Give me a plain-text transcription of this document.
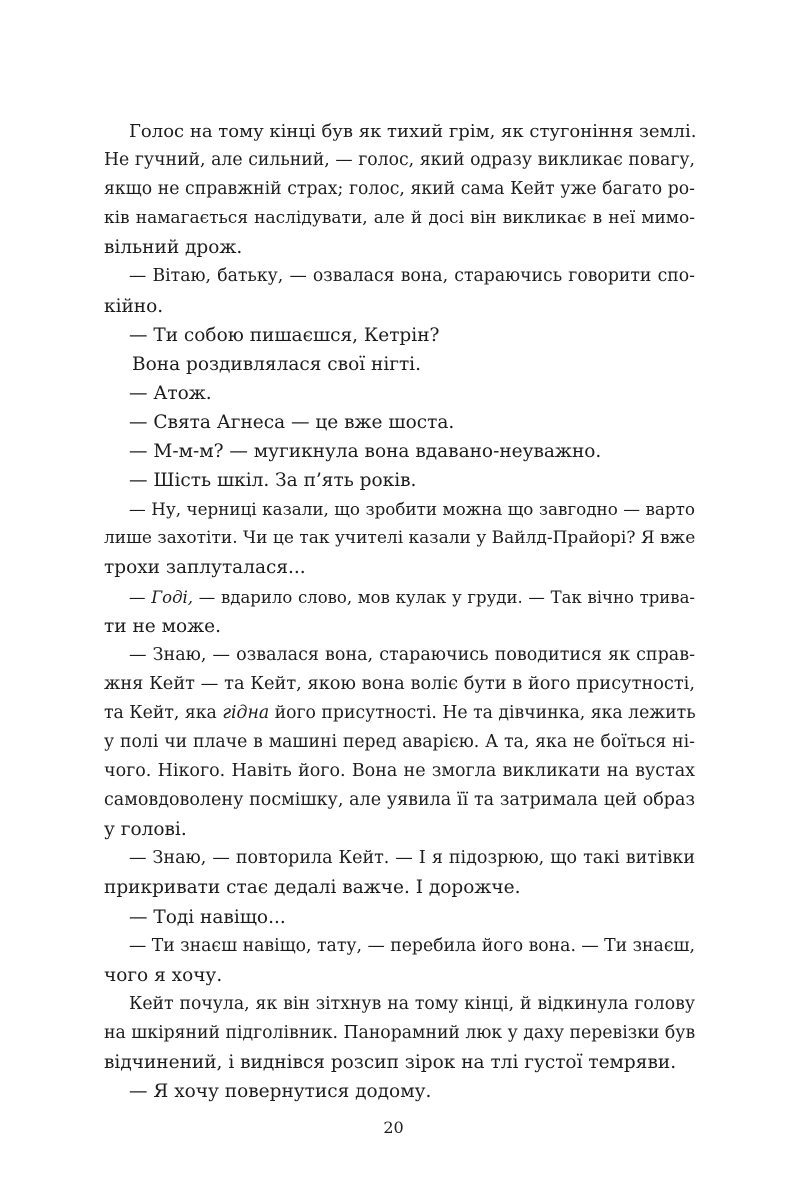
Голос на тому кінці був як тихий грім, як стугоніння землі.
Не гучний, але сильний, — голос, який одразу викликає повагу,
якщо не справжній страх; голос, який сама Кейт уже багато ро-
ків намагається наслідувати, але й досі він викликає в неї мимо-
вільний дрож.
— Вітаю, батьку, — озвалася вона, стараючись говорити спо-
кійно.
— Ти собою пишаєшся, Кетрін?
Вона роздивлялася свої нігті.
— Атож.
— Свята Агнеса — це вже шоста.
— М-м-м? — мугикнула вона вдавано-неуважно.
— Шість шкіл. За п’ять років.
— Ну, черниці казали, що зробити можна що завгодно — варто
лише захотіти. Чи це так учителі казали у Вайлд-Прайорі? Я вже
трохи заплуталася...
— Годі, — вдарило слово, мов кулак у груди. — Так вічно трива-
ти не може.
— Знаю, — озвалася вона, стараючись поводитися як справ-
жня Кейт — та Кейт, якою вона воліє бути в його присутності,
та Кейт, яка гідна його присутності. Не та дівчинка, яка лежить
у полі чи плаче в машині перед аварією. А та, яка не боїться ні-
чого. Нікого. Навіть його. Вона не змогла викликати на вустах
самовдоволену посмішку, але уявила її та затримала цей образ
у голові.
— Знаю, — повторила Кейт. — І я підозрюю, що такі витівки
прикривати стає дедалі важче. І дорожче.
— Тоді навіщо...
— Ти знаєш навіщо, тату, — перебила його вона. — Ти знаєш,
чого я хочу.
Кейт почула, як він зітхнув на тому кінці, й відкинула голову
на шкіряний підголівник. Панорамний люк у даху перевізки був
відчинений, і виднівся розсип зірок на тлі густої темряви.
— Я хочу повернутися додому.
20
